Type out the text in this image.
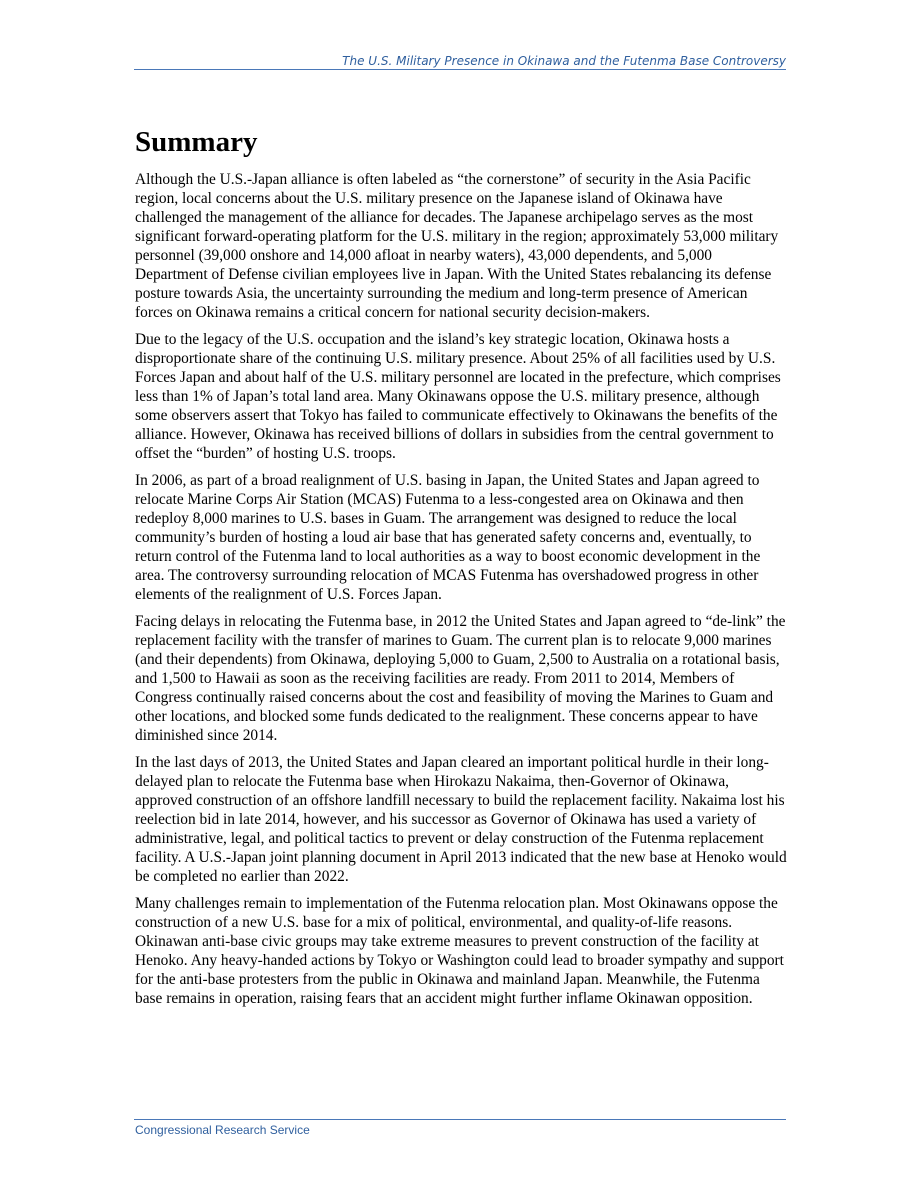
The U.S. Military Presence in Okinawa and the Futenma Base Controversy
Summary

Although the U.S.-Japan alliance is often labeled as “the cornerstone” of security in the Asia Pacific region, local concerns about the U.S. military presence on the Japanese island of Okinawa have challenged the management of the alliance for decades. The Japanese archipelago serves as the most significant forward-operating platform for the U.S. military in the region; approximately 53,000 military personnel (39,000 onshore and 14,000 afloat in nearby waters), 43,000 dependents, and 5,000 Department of Defense civilian employees live in Japan. With the United States rebalancing its defense posture towards Asia, the uncertainty surrounding the medium and long-term presence of American forces on Okinawa remains a critical concern for national security decision-makers.

Due to the legacy of the U.S. occupation and the island’s key strategic location, Okinawa hosts a disproportionate share of the continuing U.S. military presence. About 25% of all facilities used by U.S. Forces Japan and about half of the U.S. military personnel are located in the prefecture, which comprises less than 1% of Japan’s total land area. Many Okinawans oppose the U.S. military presence, although some observers assert that Tokyo has failed to communicate effectively to Okinawans the benefits of the alliance. However, Okinawa has received billions of dollars in subsidies from the central government to offset the “burden” of hosting U.S. troops.

In 2006, as part of a broad realignment of U.S. basing in Japan, the United States and Japan agreed to relocate Marine Corps Air Station (MCAS) Futenma to a less-congested area on Okinawa and then redeploy 8,000 marines to U.S. bases in Guam. The arrangement was designed to reduce the local community’s burden of hosting a loud air base that has generated safety concerns and, eventually, to return control of the Futenma land to local authorities as a way to boost economic development in the area. The controversy surrounding relocation of MCAS Futenma has overshadowed progress in other elements of the realignment of U.S. Forces Japan.

Facing delays in relocating the Futenma base, in 2012 the United States and Japan agreed to “de-link” the replacement facility with the transfer of marines to Guam. The current plan is to relocate 9,000 marines (and their dependents) from Okinawa, deploying 5,000 to Guam, 2,500 to Australia on a rotational basis, and 1,500 to Hawaii as soon as the receiving facilities are ready. From 2011 to 2014, Members of Congress continually raised concerns about the cost and feasibility of moving the Marines to Guam and other locations, and blocked some funds dedicated to the realignment. These concerns appear to have diminished since 2014.

In the last days of 2013, the United States and Japan cleared an important political hurdle in their long-delayed plan to relocate the Futenma base when Hirokazu Nakaima, then-Governor of Okinawa, approved construction of an offshore landfill necessary to build the replacement facility. Nakaima lost his reelection bid in late 2014, however, and his successor as Governor of Okinawa has used a variety of administrative, legal, and political tactics to prevent or delay construction of the Futenma replacement facility. A U.S.-Japan joint planning document in April 2013 indicated that the new base at Henoko would be completed no earlier than 2022.

Many challenges remain to implementation of the Futenma relocation plan. Most Okinawans oppose the construction of a new U.S. base for a mix of political, environmental, and quality-of-life reasons. Okinawan anti-base civic groups may take extreme measures to prevent construction of the facility at Henoko. Any heavy-handed actions by Tokyo or Washington could lead to broader sympathy and support for the anti-base protesters from the public in Okinawa and mainland Japan. Meanwhile, the Futenma base remains in operation, raising fears that an accident might further inflame Okinawan opposition.

Congressional Research Service
